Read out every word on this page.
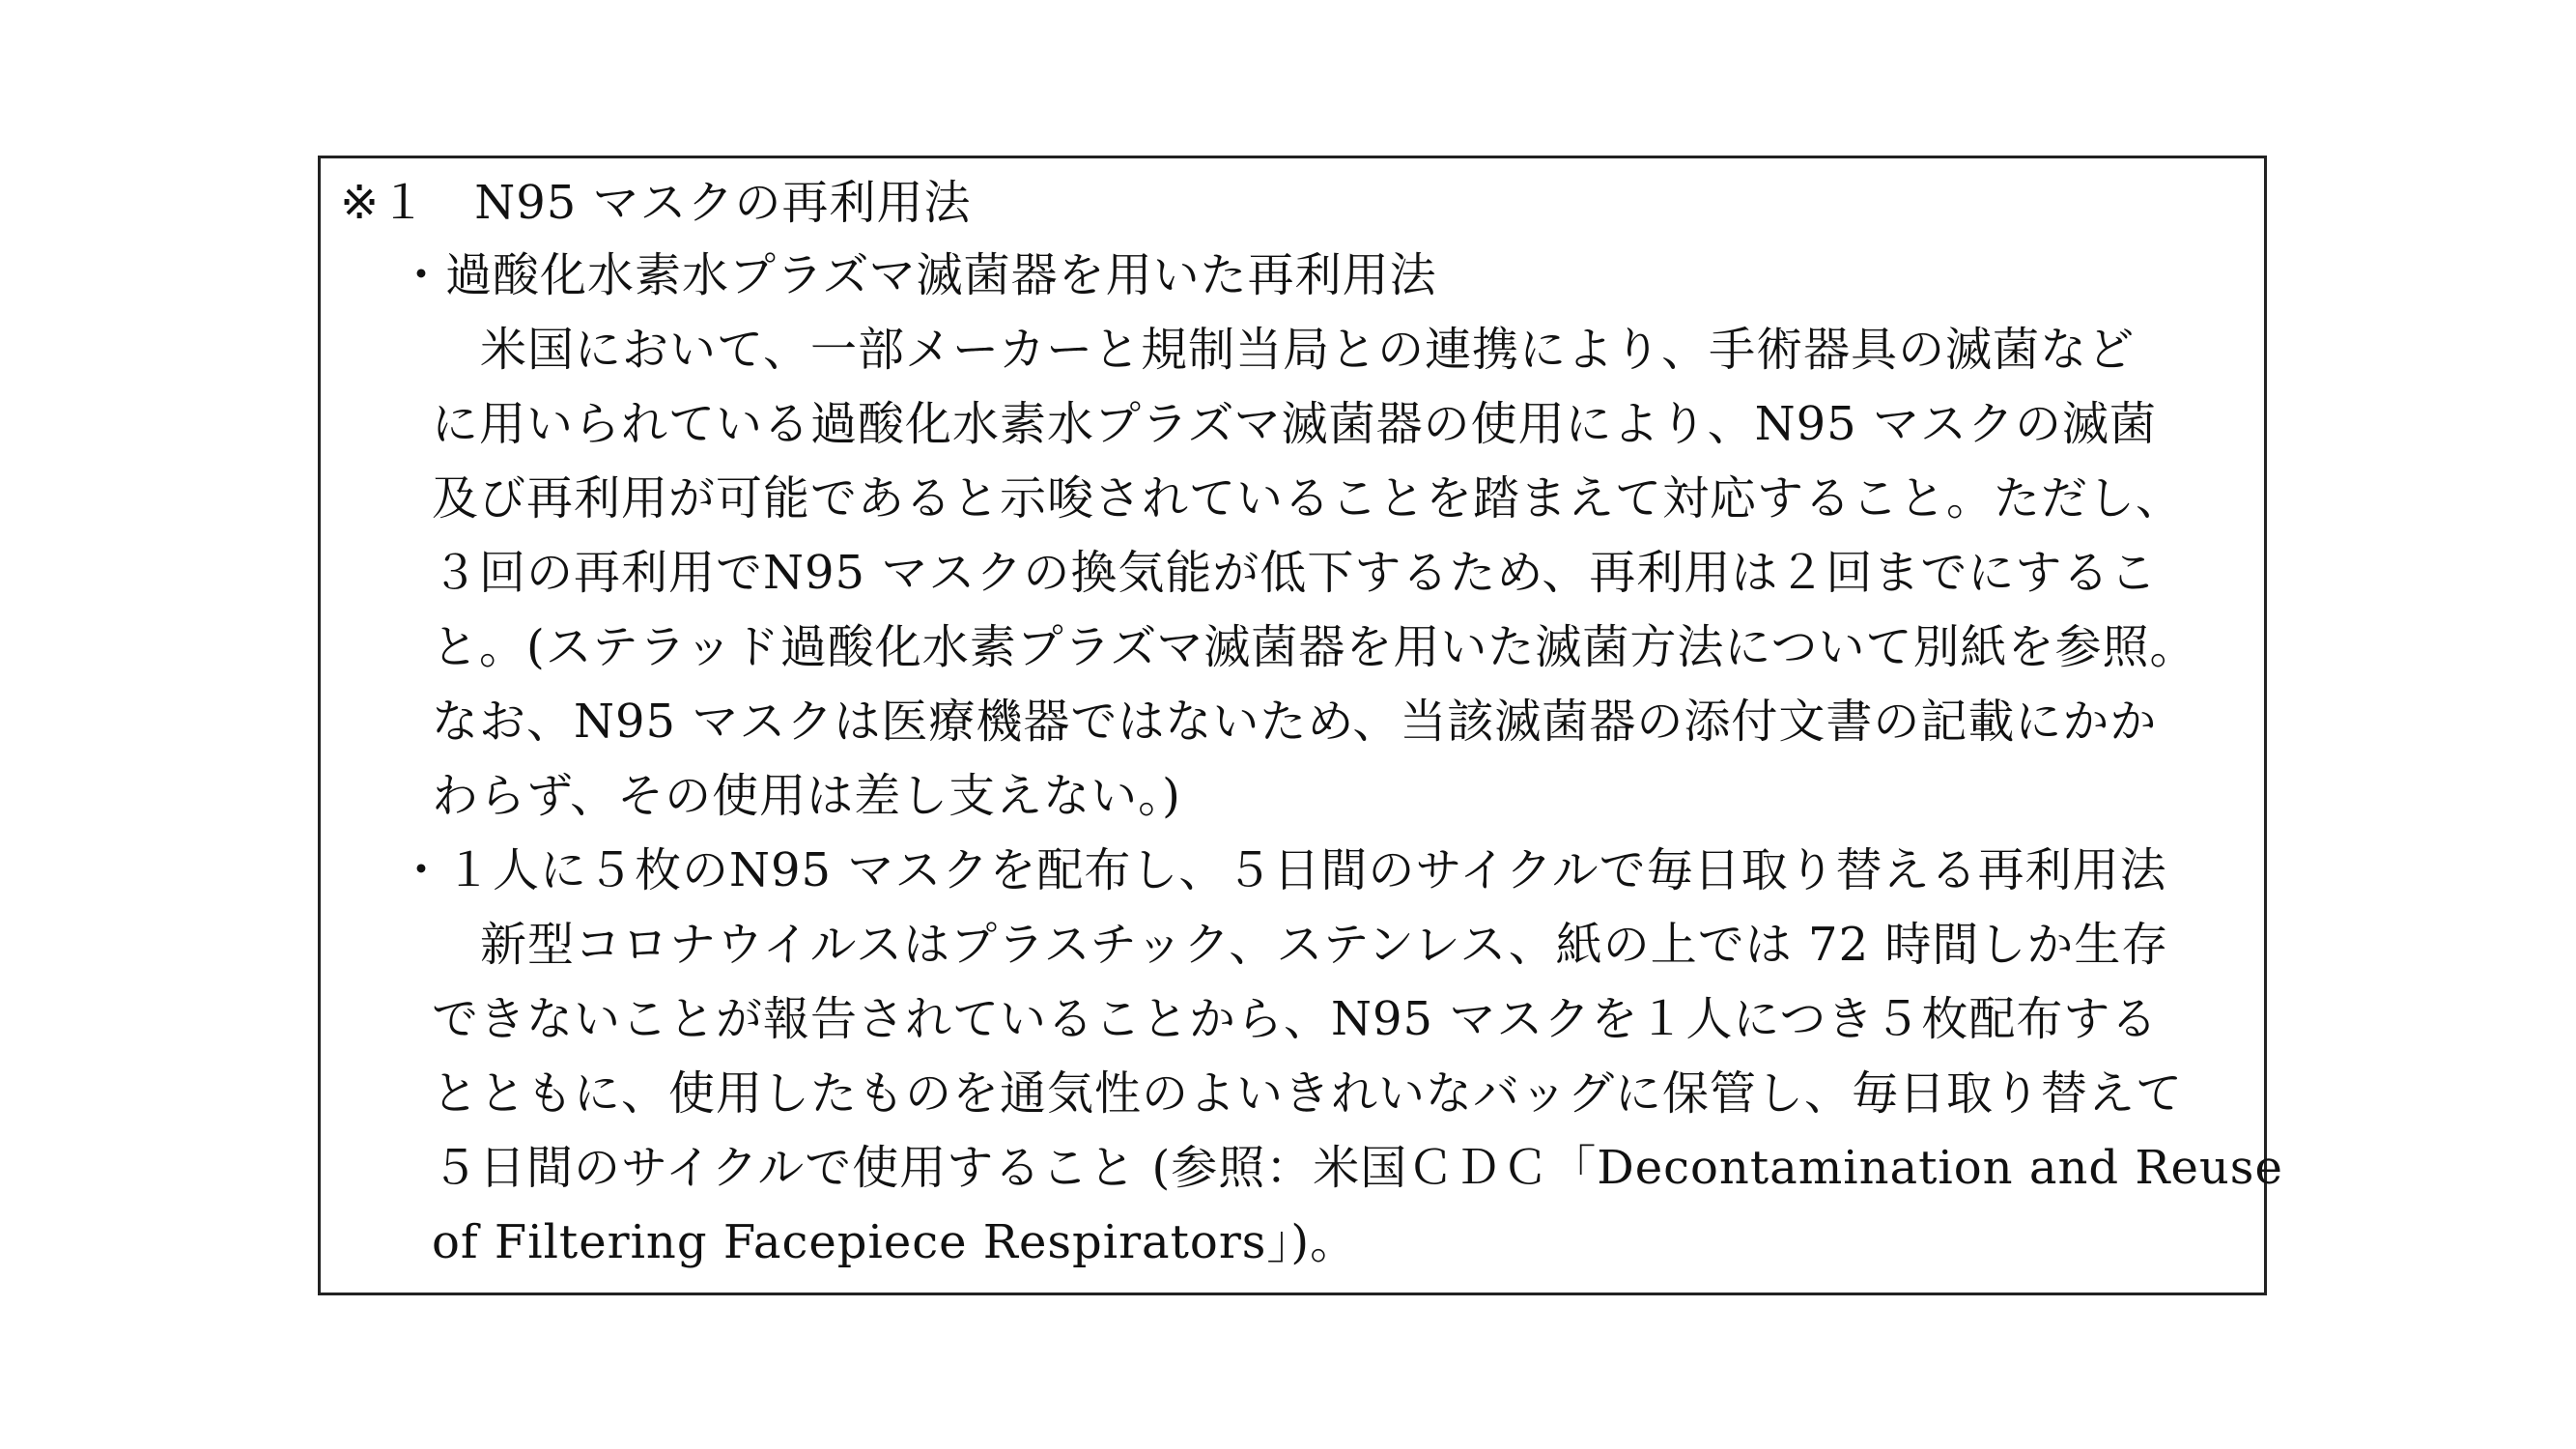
※１　N95 マスクの再利用法
・過酸化水素水プラズマ滅菌器を用いた再利用法
米国において、一部メーカーと規制当局との連携により、手術器具の滅菌など
に用いられている過酸化水素水プラズマ滅菌器の使用により、N95 マスクの滅菌
及び再利用が可能であると示唆されていることを踏まえて対応すること。ただし、
３回の再利用でN95 マスクの換気能が低下するため、再利用は２回までにするこ
と。(ステラッド過酸化水素プラズマ滅菌器を用いた滅菌方法について別紙を参照。
なお、N95 マスクは医療機器ではないため、当該滅菌器の添付文書の記載にかか
わらず、その使用は差し支えない。)
・１人に５枚のN95 マスクを配布し、５日間のサイクルで毎日取り替える再利用法
新型コロナウイルスはプラスチック、ステンレス、紙の上では 72 時間しか生存
できないことが報告されていることから、N95 マスクを１人につき５枚配布する
とともに、使用したものを通気性のよいきれいなバッグに保管し、毎日取り替えて
５日間のサイクルで使用すること (参照：米国ＣＤＣ「Decontamination and Reuse
of Filtering Facepiece Respirators」)。
